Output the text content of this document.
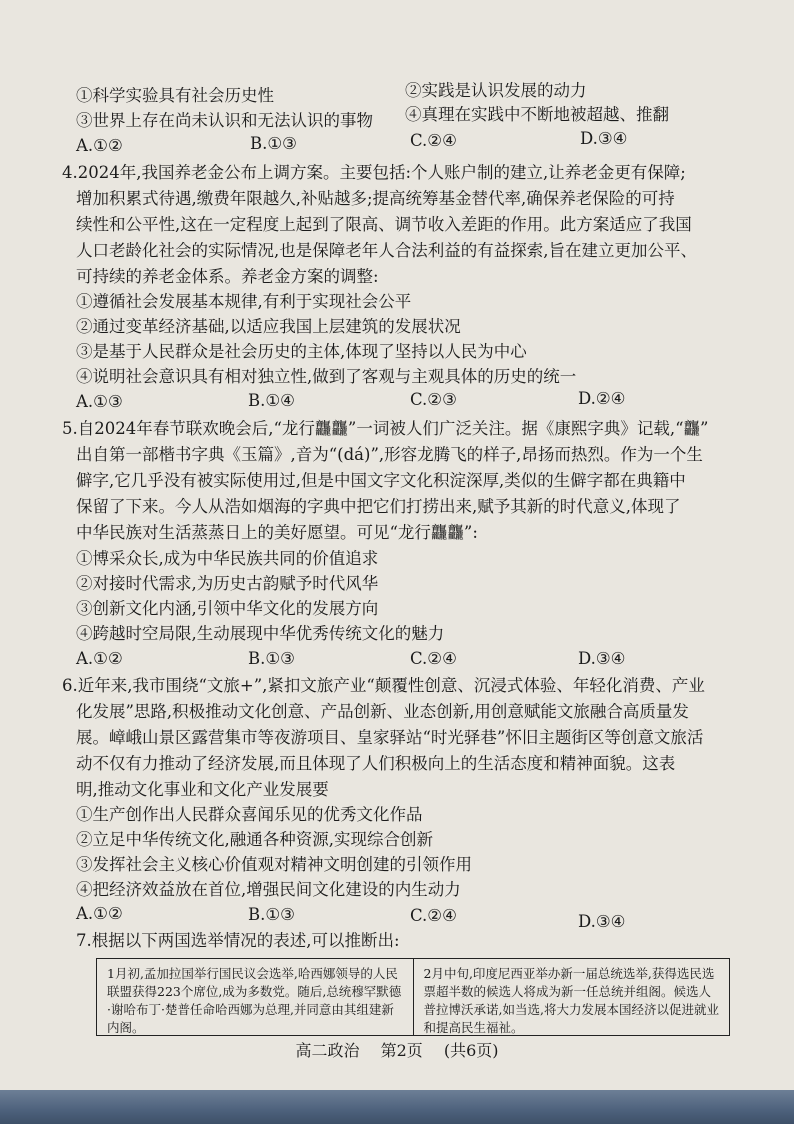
①科学实验具有社会历史性	②实践是认识发展的动力
③世界上存在尚未认识和无法认识的事物 ④真理在实践中不断地被超越、推翻
A.①②	B.①③	C.②④	D.③④
4.2024年,我国养老金公布上调方案。主要包括:个人账户制的建立,让养老金更有保障;
增加积累式待遇,缴费年限越久,补贴越多;提高统筹基金替代率,确保养老保险的可持
续性和公平性,这在一定程度上起到了限高、调节收入差距的作用。此方案适应了我国
人口老龄化社会的实际情况,也是保障老年人合法利益的有益探索,旨在建立更加公平、
可持续的养老金体系。养老金方案的调整:
①遵循社会发展基本规律,有利于实现社会公平
②通过变革经济基础,以适应我国上层建筑的发展状况
③是基于人民群众是社会历史的主体,体现了坚持以人民为中心
④说明社会意识具有相对独立性,做到了客观与主观具体的历史的统一
A.①③	B.①④	C.②③	D.②④
5.自2024年春节联欢晚会后,“龙行龘龘”一词被人们广泛关注。据《康熙字典》记载,“龘”
出自第一部楷书字典《玉篇》,音为“(dá)”,形容龙腾飞的样子,昂扬而热烈。作为一个生
僻字,它几乎没有被实际使用过,但是中国文字文化积淀深厚,类似的生僻字都在典籍中
保留了下来。今人从浩如烟海的字典中把它们打捞出来,赋予其新的时代意义,体现了
中华民族对生活蒸蒸日上的美好愿望。可见“龙行龘龘”:
①博采众长,成为中华民族共同的价值追求
②对接时代需求,为历史古韵赋予时代风华
③创新文化内涵,引领中华文化的发展方向
④跨越时空局限,生动展现中华优秀传统文化的魅力
A.①②	B.①③	C.②④	D.③④
6.近年来,我市围绕“文旅+”,紧扣文旅产业“颠覆性创意、沉浸式体验、年轻化消费、产业
化发展”思路,积极推动文化创意、产品创新、业态创新,用创意赋能文旅融合高质量发
展。嶂峨山景区露营集市等夜游项目、皇家驿站“时光驿巷”怀旧主题街区等创意文旅活
动不仅有力推动了经济发展,而且体现了人们积极向上的生活态度和精神面貌。这表
明,推动文化事业和文化产业发展要
①生产创作出人民群众喜闻乐见的优秀文化作品
②立足中华传统文化,融通各种资源,实现综合创新
③发挥社会主义核心价值观对精神文明创建的引领作用
④把经济效益放在首位,增强民间文化建设的内生动力
A.①②	B.①③	C.②④	D.③④
7.根据以下两国选举情况的表述,可以推断出:
1月初,孟加拉国举行国民议会选举,哈西娜领导的人民联盟获得223个席位,成为多数党。随后,总统穆罕默德·谢哈布丁·楚普任命哈西娜为总理,并同意由其组建新内阁。
2月中旬,印度尼西亚举办新一届总统选举,获得选民选票超半数的候选人将成为新一任总统并组阁。候选人普拉博沃承诺,如当选,将大力发展本国经济以促进就业和提高民生福祉。
高二政治 第2页 (共6页)
